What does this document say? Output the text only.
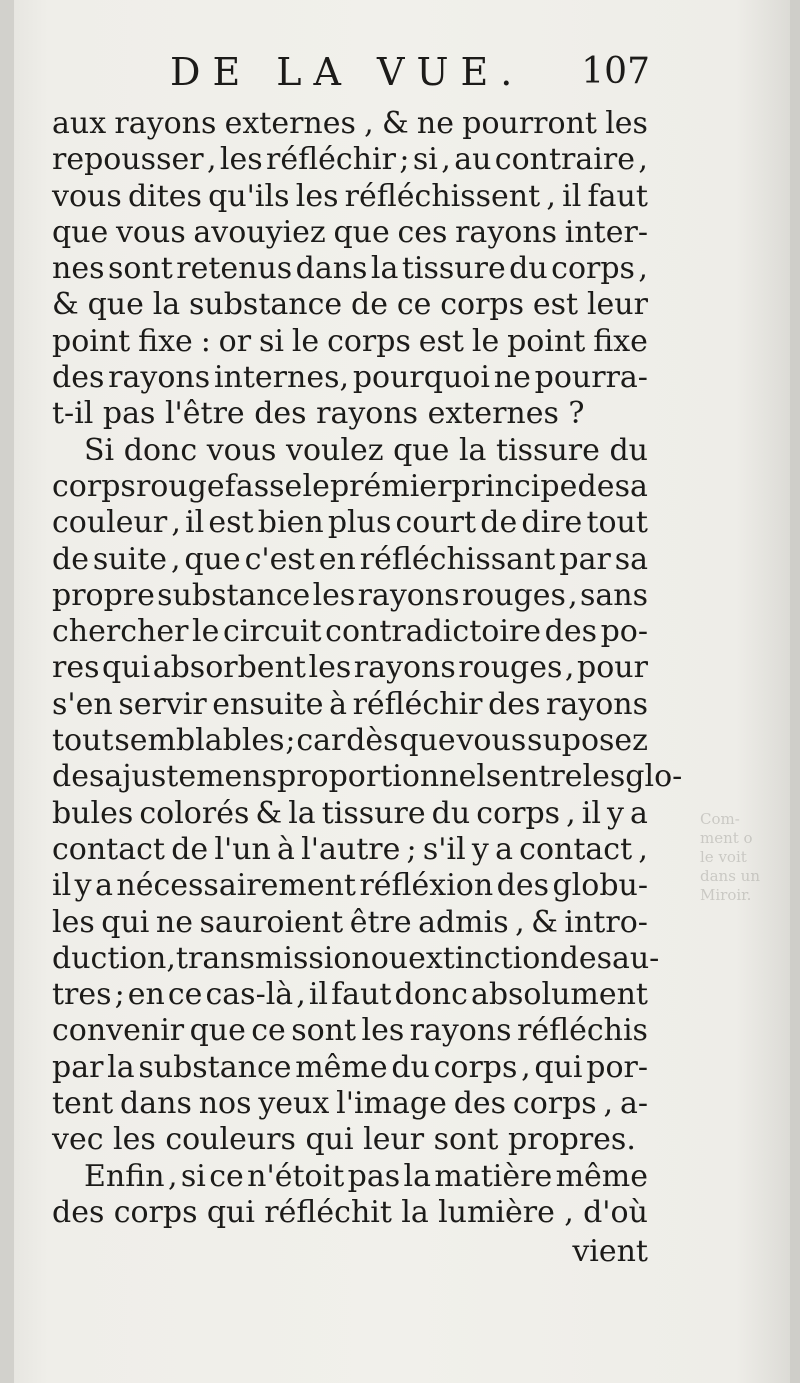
DE LA VUE. 107
aux rayons externes , & ne pourront les
repousser , les réfléchir ; si , au contraire ,
vous dites qu'ils les réfléchissent , il faut
que vous avouyiez que ces rayons inter-
nes sont retenus dans la tissure du corps ,
& que la substance de ce corps est leur
point fixe : or si le corps est le point fixe
des rayons internes, pourquoi ne pourra-
t-il pas l'être des rayons externes ?
Si donc vous voulez que la tissure du
corps rouge fasse le prémier principe de sa
couleur , il est bien plus court de dire tout
de suite , que c'est en réfléchissant par sa
propre substance les rayons rouges , sans
chercher le circuit contradictoire des po-
res qui absorbent les rayons rouges , pour
s'en servir ensuite à réfléchir des rayons
tout semblables ; car dès que vous suposez
des ajustemens proportionnels entre les glo-
bules colorés & la tissure du corps , il y a
contact de l'un à l'autre ; s'il y a contact ,
il y a nécessairement réfléxion des globu-
les qui ne sauroient être admis , & intro-
duction , transmission ou extinction des au-
tres ; en ce cas-là , il faut donc absolument
convenir que ce sont les rayons réfléchis
par la substance même du corps , qui por-
tent dans nos yeux l'image des corps , a-
vec les couleurs qui leur sont propres.
Enfin , si ce n'étoit pas la matière même
des corps qui réfléchit la lumière , d'où
vient
Com-
ment o
le voit
dans un
Miroir.
